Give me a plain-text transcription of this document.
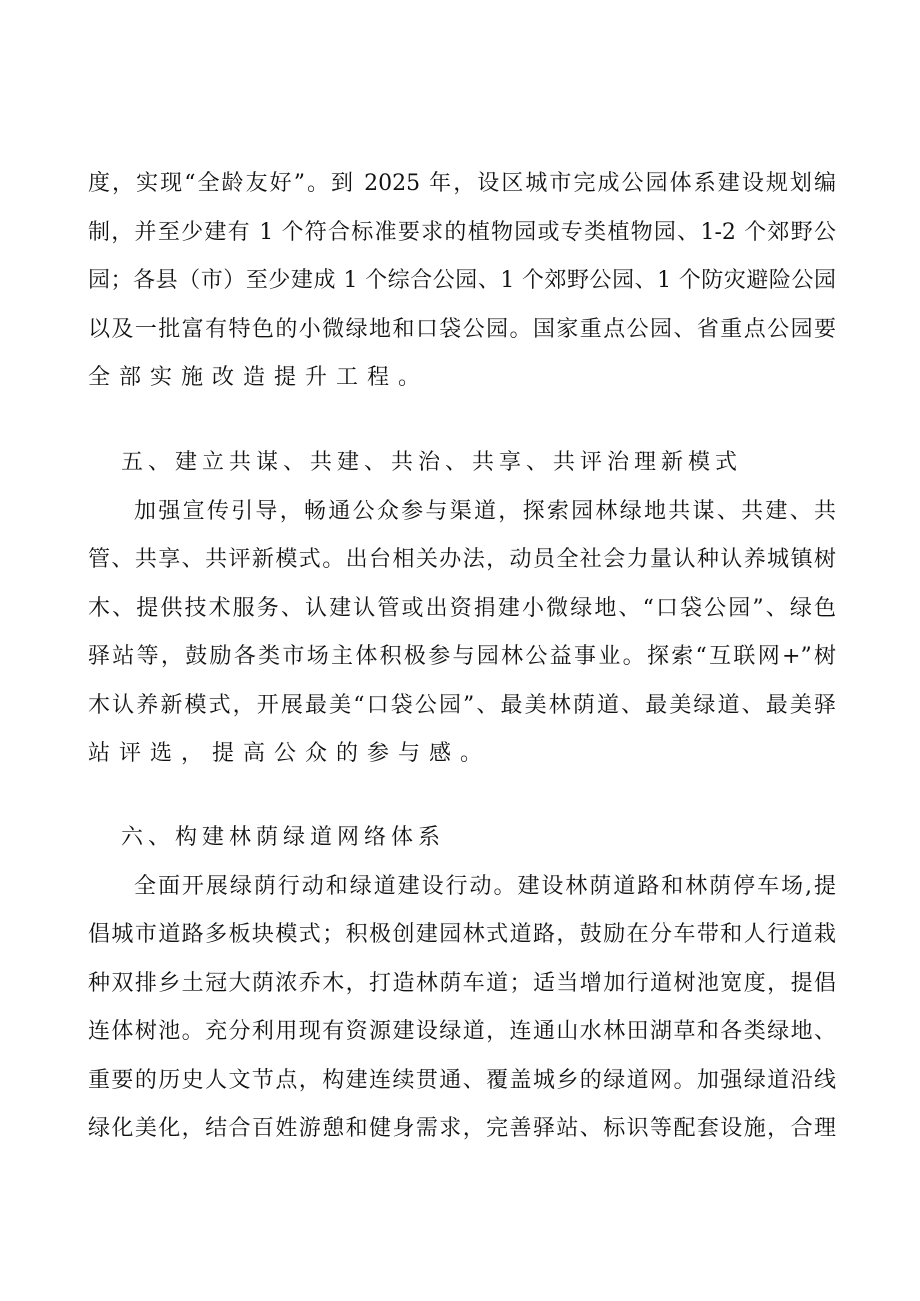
度，实现“全龄友好”。到 2025 年，设区城市完成公园体系建设规划编
制，并至少建有 1 个符合标准要求的植物园或专类植物园、1-2 个郊野公
园；各县（市）至少建成 1 个综合公园、1 个郊野公园、1 个防灾避险公园
以及一批富有特色的小微绿地和口袋公园。国家重点公园、省重点公园要
全部实施改造提升工程。
五、建立共谋、共建、共治、共享、共评治理新模式
加强宣传引导，畅通公众参与渠道，探索园林绿地共谋、共建、共
管、共享、共评新模式。出台相关办法，动员全社会力量认种认养城镇树
木、提供技术服务、认建认管或出资捐建小微绿地、“口袋公园”、绿色
驿站等，鼓励各类市场主体积极参与园林公益事业。探索“互联网+”树
木认养新模式，开展最美“口袋公园”、最美林荫道、最美绿道、最美驿
站评选，提高公众的参与感。
六、构建林荫绿道网络体系
全面开展绿荫行动和绿道建设行动。建设林荫道路和林荫停车场,提
倡城市道路多板块模式；积极创建园林式道路，鼓励在分车带和人行道栽
种双排乡土冠大荫浓乔木，打造林荫车道；适当增加行道树池宽度，提倡
连体树池。充分利用现有资源建设绿道，连通山水林田湖草和各类绿地、
重要的历史人文节点，构建连续贯通、覆盖城乡的绿道网。加强绿道沿线
绿化美化，结合百姓游憩和健身需求，完善驿站、标识等配套设施，合理
